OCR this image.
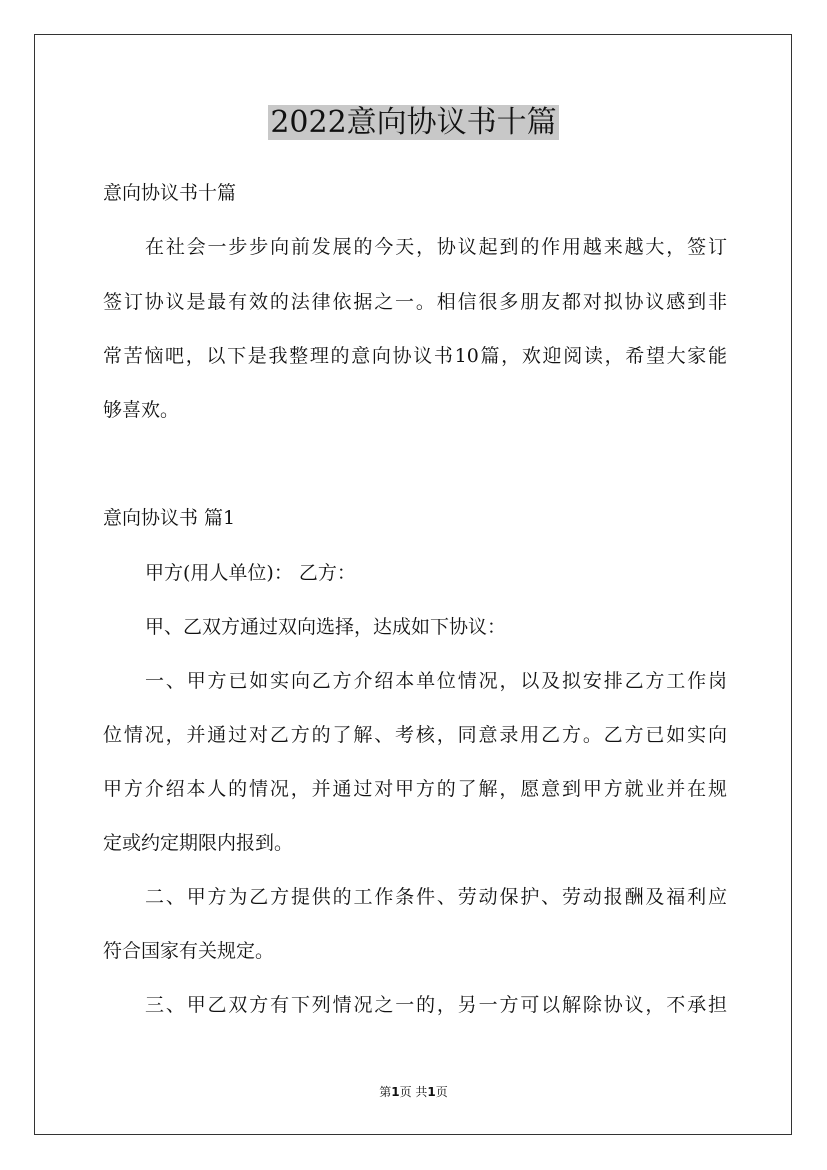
2022意向协议书十篇

意向协议书十篇

在社会一步步向前发展的今天，协议起到的作用越来越大，签订

签订协议是最有效的法律依据之一。相信很多朋友都对拟协议感到非

常苦恼吧，以下是我整理的意向协议书10篇，欢迎阅读，希望大家能

够喜欢。

意向协议书 篇1

甲方(用人单位)： 乙方：

甲、乙双方通过双向选择，达成如下协议：

一、甲方已如实向乙方介绍本单位情况，以及拟安排乙方工作岗

位情况，并通过对乙方的了解、考核，同意录用乙方。乙方已如实向

甲方介绍本人的情况，并通过对甲方的了解，愿意到甲方就业并在规

定或约定期限内报到。

二、甲方为乙方提供的工作条件、劳动保护、劳动报酬及福利应

符合国家有关规定。

三、甲乙双方有下列情况之一的，另一方可以解除协议，不承担

第1页 共1页
